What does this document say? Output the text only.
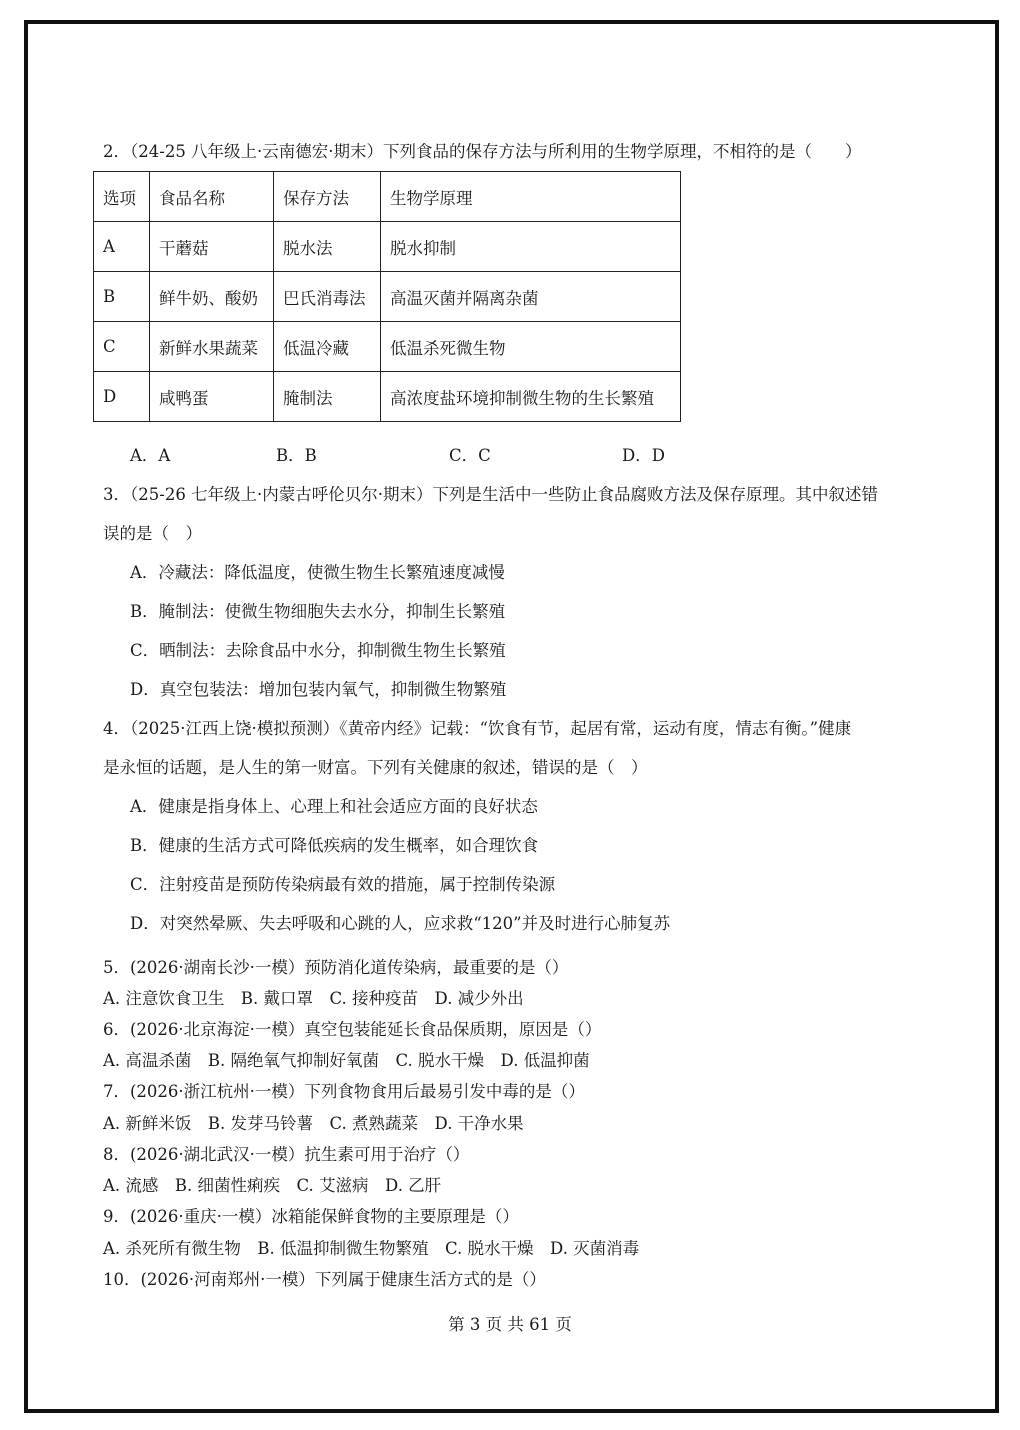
2．（24-25 八年级上·云南德宏·期末）下列食品的保存方法与所利用的生物学原理，不相符的是（　　）
选项	食品名称	保存方法	生物学原理
A	干蘑菇	脱水法	脱水抑制
B	鲜牛奶、酸奶	巴氏消毒法	高温灭菌并隔离杂菌
C	新鲜水果蔬菜	低温冷藏	低温杀死微生物
D	咸鸭蛋	腌制法	高浓度盐环境抑制微生物的生长繁殖
A．A	B．B	C．C	D．D
3．（25-26 七年级上·内蒙古呼伦贝尔·期末）下列是生活中一些防止食品腐败方法及保存原理。其中叙述错
误的是（　）
A．冷藏法：降低温度，使微生物生长繁殖速度减慢
B．腌制法：使微生物细胞失去水分，抑制生长繁殖
C．晒制法：去除食品中水分，抑制微生物生长繁殖
D．真空包装法：增加包装内氧气，抑制微生物繁殖
4．（2025·江西上饶·模拟预测）《黄帝内经》记载：“饮食有节，起居有常，运动有度，情志有衡。”健康
是永恒的话题，是人生的第一财富。下列有关健康的叙述，错误的是（　）
A．健康是指身体上、心理上和社会适应方面的良好状态
B．健康的生活方式可降低疾病的发生概率，如合理饮食
C．注射疫苗是预防传染病最有效的措施，属于控制传染源
D．对突然晕厥、失去呼吸和心跳的人，应求救“120”并及时进行心肺复苏
5．(2026·湖南长沙·一模）预防消化道传染病，最重要的是（）
A. 注意饮食卫生　B. 戴口罩　C. 接种疫苗　D. 减少外出
6．(2026·北京海淀·一模）真空包装能延长食品保质期，原因是（）
A. 高温杀菌　B. 隔绝氧气抑制好氧菌　C. 脱水干燥　D. 低温抑菌
7．(2026·浙江杭州·一模）下列食物食用后最易引发中毒的是（）
A. 新鲜米饭　B. 发芽马铃薯　C. 煮熟蔬菜　D. 干净水果
8．(2026·湖北武汉·一模）抗生素可用于治疗（）
A. 流感　B. 细菌性痢疾　C. 艾滋病　D. 乙肝
9．(2026·重庆·一模）冰箱能保鲜食物的主要原理是（）
A. 杀死所有微生物　B. 低温抑制微生物繁殖　C. 脱水干燥　D. 灭菌消毒
10．(2026·河南郑州·一模）下列属于健康生活方式的是（）
第 3 页 共 61 页
